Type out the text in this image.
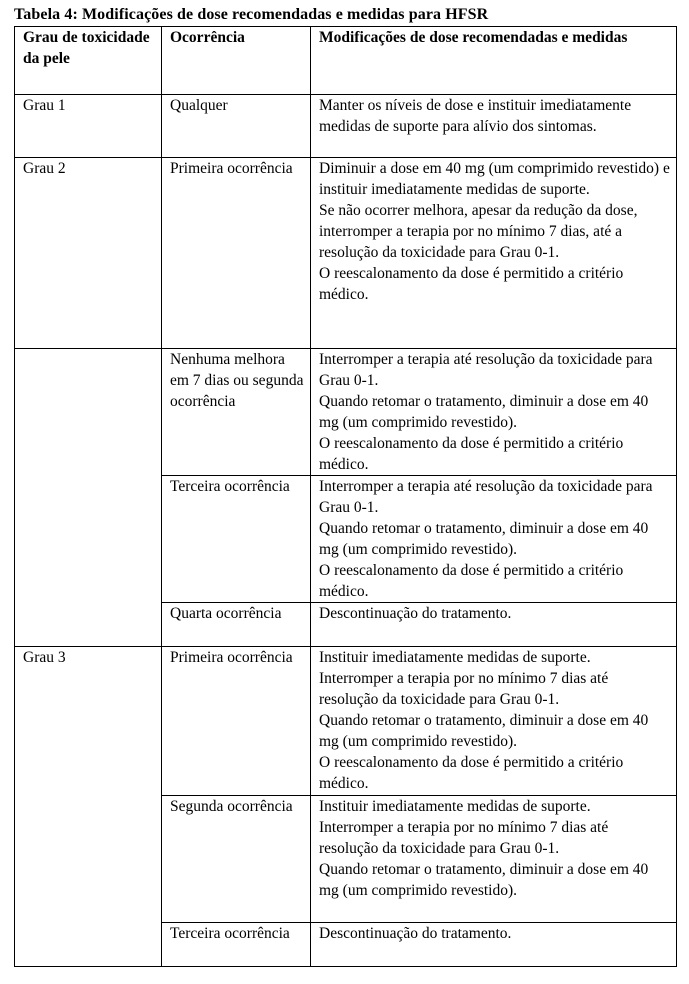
Tabela 4: Modificações de dose recomendadas e medidas para HFSR
Grau de toxicidade da pele	Ocorrência	Modificações de dose recomendadas e medidas
Grau 1	Qualquer	Manter os níveis de dose e instituir imediatamente medidas de suporte para alívio dos sintomas.

Grau 2	Primeira ocorrência	Diminuir a dose em 40 mg (um comprimido revestido) e instituir imediatamente medidas de suporte.
Se não ocorrer melhora, apesar da redução da dose, interromper a terapia por no mínimo 7 dias, até a resolução da toxicidade para Grau 0-1.
O reescalonamento da dose é permitido a critério médico.

	Nenhuma melhora em 7 dias ou segunda ocorrência	Interromper a terapia até resolução da toxicidade para Grau 0-1.
Quando retomar o tratamento, diminuir a dose em 40 mg (um comprimido revestido).
O reescalonamento da dose é permitido a critério médico.

	Terceira ocorrência	Interromper a terapia até resolução da toxicidade para Grau 0-1.
Quando retomar o tratamento, diminuir a dose em 40 mg (um comprimido revestido).
O reescalonamento da dose é permitido a critério médico.

	Quarta ocorrência	Descontinuação do tratamento.

Grau 3	Primeira ocorrência	Instituir imediatamente medidas de suporte.
Interromper a terapia por no mínimo 7 dias até resolução da toxicidade para Grau 0-1.
Quando retomar o tratamento, diminuir a dose em 40 mg (um comprimido revestido).
O reescalonamento da dose é permitido a critério médico.

	Segunda ocorrência	Instituir imediatamente medidas de suporte.
Interromper a terapia por no mínimo 7 dias até resolução da toxicidade para Grau 0-1.
Quando retomar o tratamento, diminuir a dose em 40 mg (um comprimido revestido).

	Terceira ocorrência	Descontinuação do tratamento.
